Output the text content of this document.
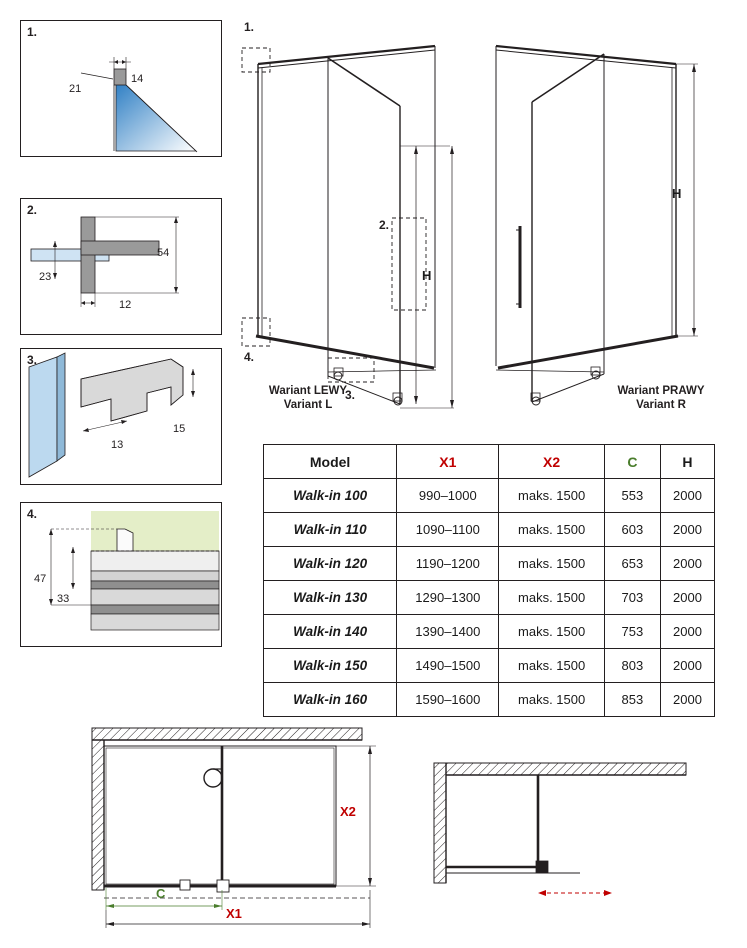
1.
21
14
2.
54
23
12
3.
15
13
4.
47
33
1.
2.
3.
4.
H
Wariant LEWY
Variant L
H
Wariant PRAWY
Variant R
Model	X1	X2	C	H
Walk-in 100	990–1000	maks. 1500	553	2000
Walk-in 110	1090–1100	maks. 1500	603	2000
Walk-in 120	1190–1200	maks. 1500	653	2000
Walk-in 130	1290–1300	maks. 1500	703	2000
Walk-in 140	1390–1400	maks. 1500	753	2000
Walk-in 150	1490–1500	maks. 1500	803	2000
Walk-in 160	1590–1600	maks. 1500	853	2000
X2
C
X1
